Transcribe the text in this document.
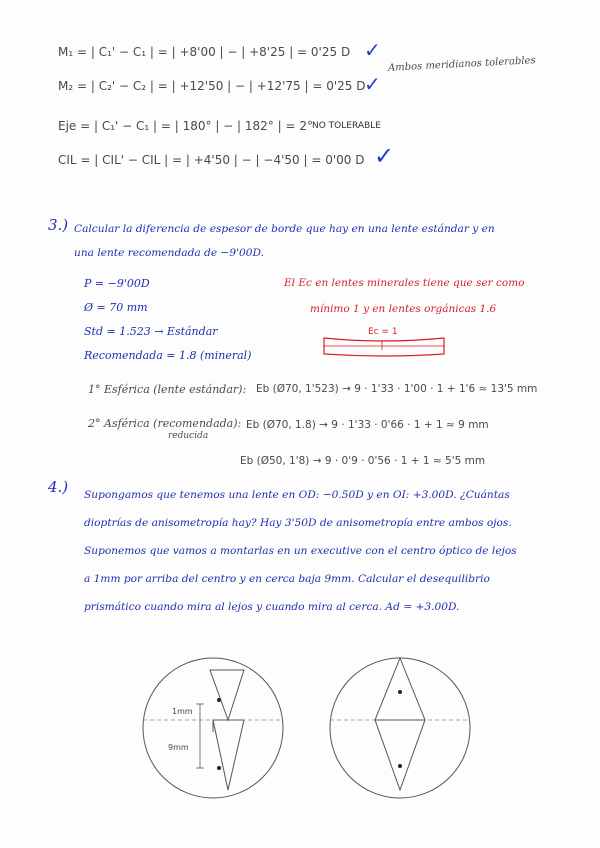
M₁ = | C₁' − C₁ | = | +8'00 | − | +8'25 | = 0'25 D ✓
M₂ = | C₂' − C₂ | = | +12'50 | − | +12'75 | = 0'25 D
✓
Ambos meridianos tolerables
Eje = | C₁' − C₁ | = | 180° | − | 182° | = 2° NO TOLERABLE
CIL = | CIL' − CIL | = | +4'50 | − | −4'50 | = 0'00 D ✓
3.) Calcular la diferencia de espesor de borde que hay en una lente estándar y en
una lente recomendada de −9'00D.
P = −9'00D
Ø = 70 mm
Std = 1.523 → Estándar
Recomendada = 1.8 (mineral)
El Ec en lentes minerales tiene que ser como
mínimo 1 y en lentes orgánicas 1.6
Ec = 1
1° Esférica (lente estándar): Eb (Ø70, 1'523) → 9 · 1'33 · 1'00 · 1 + 1'6 ≈ 13'5 mm
2° Asférica (recomendada):
reducida
Eb (Ø70, 1.8) → 9 · 1'33 · 0'66 · 1 + 1 ≈ 9 mm
Eb (Ø50, 1'8) → 9 · 0'9 · 0'56 · 1 + 1 ≈ 5'5 mm
4.) Supongamos que tenemos una lente en OD: −0.50D y en OI: +3.00D. ¿Cuántas
dioptrías de anisometropía hay? Hay 3'50D de anisometropía entre ambos ojos.
Suponemos que vamos a montarlas en un executive con el centro óptico de lejos
a 1mm por arriba del centro y en cerca baja 9mm. Calcular el desequilibrio
prismático cuando mira al lejos y cuando mira al cerca. Ad = +3.00D.
1mm
9mm
